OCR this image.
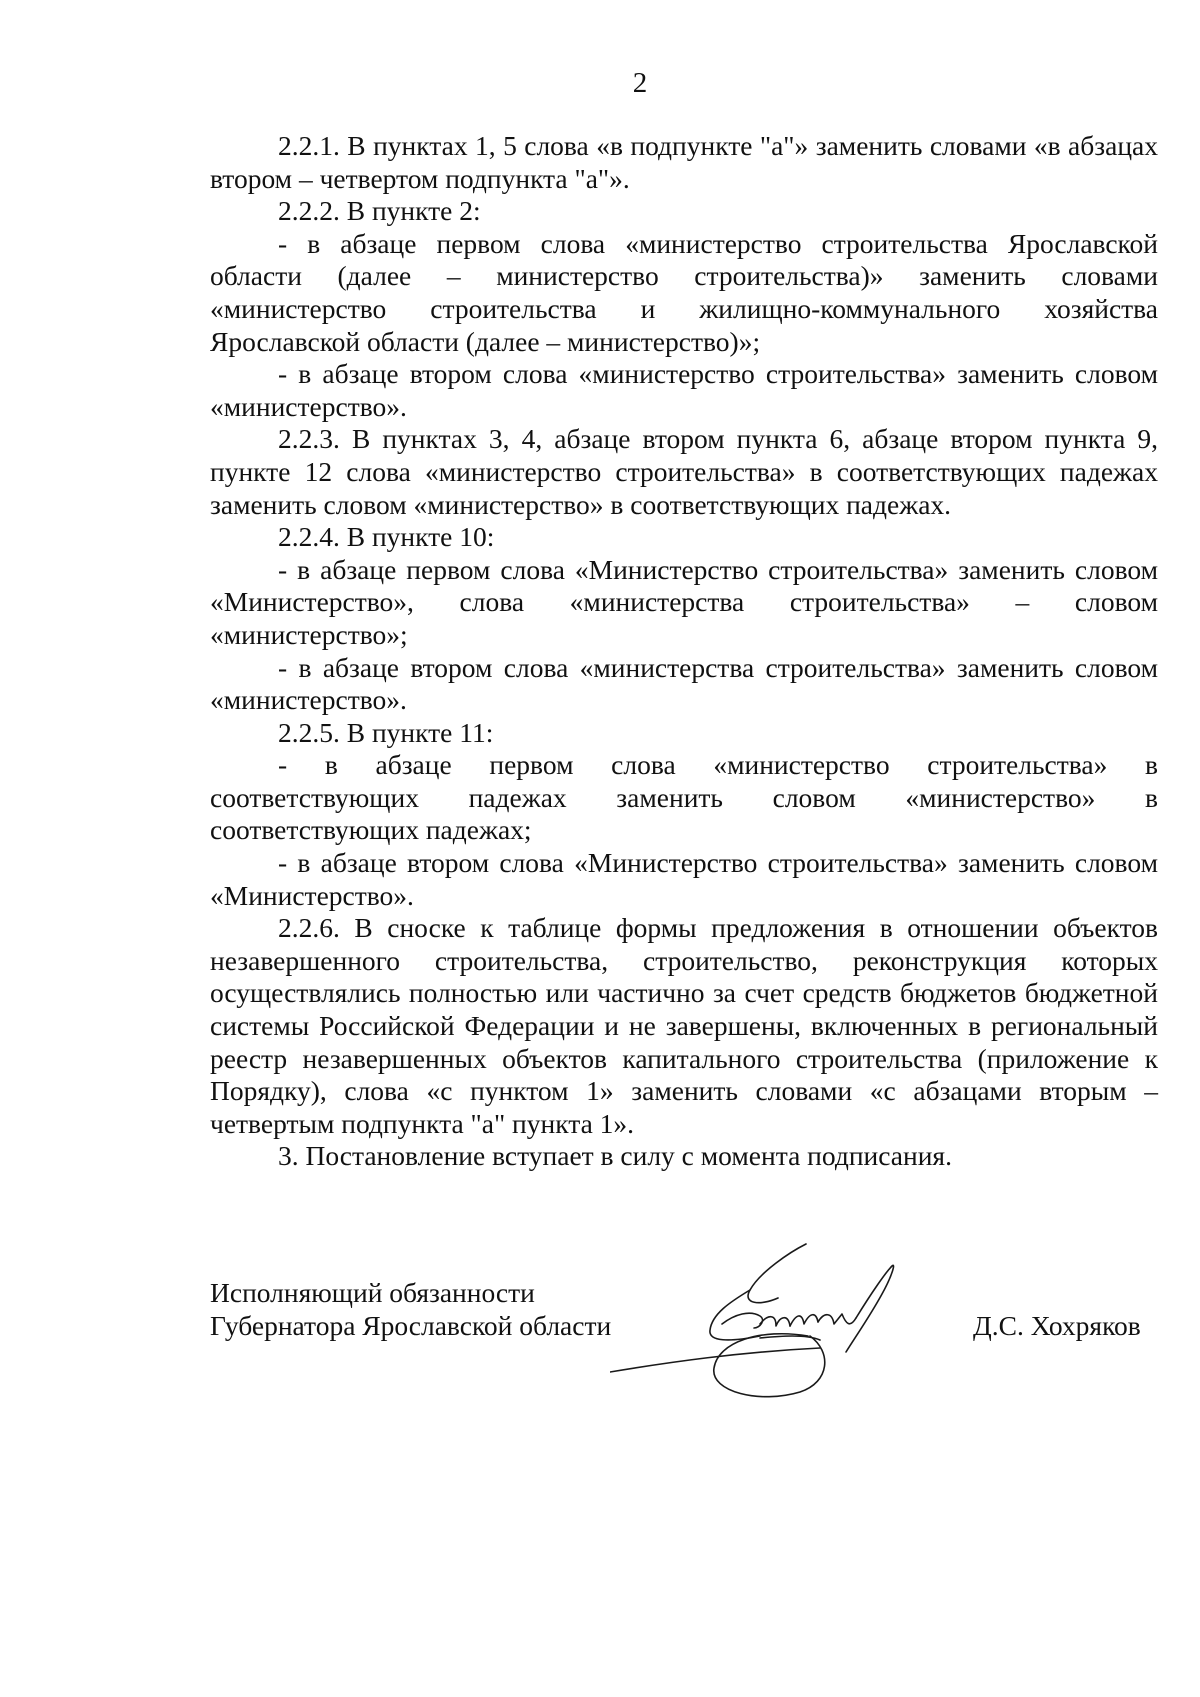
2

2.2.1. В пунктах 1, 5 слова «в подпункте "а"» заменить словами «в абзацах втором – четвертом подпункта "а"».

2.2.2. В пункте 2:

- в абзаце первом слова «министерство строительства Ярославской области (далее – министерство строительства)» заменить словами «министерство строительства и жилищно-коммунального хозяйства Ярославской области (далее – министерство)»;

- в абзаце втором слова «министерство строительства» заменить словом «министерство».

2.2.3. В пунктах 3, 4, абзаце втором пункта 6, абзаце втором пункта 9, пункте 12 слова «министерство строительства» в соответствующих падежах заменить словом «министерство» в соответствующих падежах.

2.2.4. В пункте 10:

- в абзаце первом слова «Министерство строительства» заменить словом «Министерство», слова «министерства строительства» – словом «министерство»;

- в абзаце втором слова «министерства строительства» заменить словом «министерство».

2.2.5. В пункте 11:

- в абзаце первом слова «министерство строительства» в соответствующих падежах заменить словом «министерство» в соответствующих падежах;

- в абзаце втором слова «Министерство строительства» заменить словом «Министерство».

2.2.6. В сноске к таблице формы предложения в отношении объектов незавершенного строительства, строительство, реконструкция которых осуществлялись полностью или частично за счет средств бюджетов бюджетной системы Российской Федерации и не завершены, включенных в региональный реестр незавершенных объектов капитального строительства (приложение к Порядку), слова «с пунктом 1» заменить словами «с абзацами вторым – четвертым подпункта "а" пункта 1».

3. Постановление вступает в силу с момента подписания.

Исполняющий обязанности
Губернатора Ярославской области	Д.С. Хохряков
